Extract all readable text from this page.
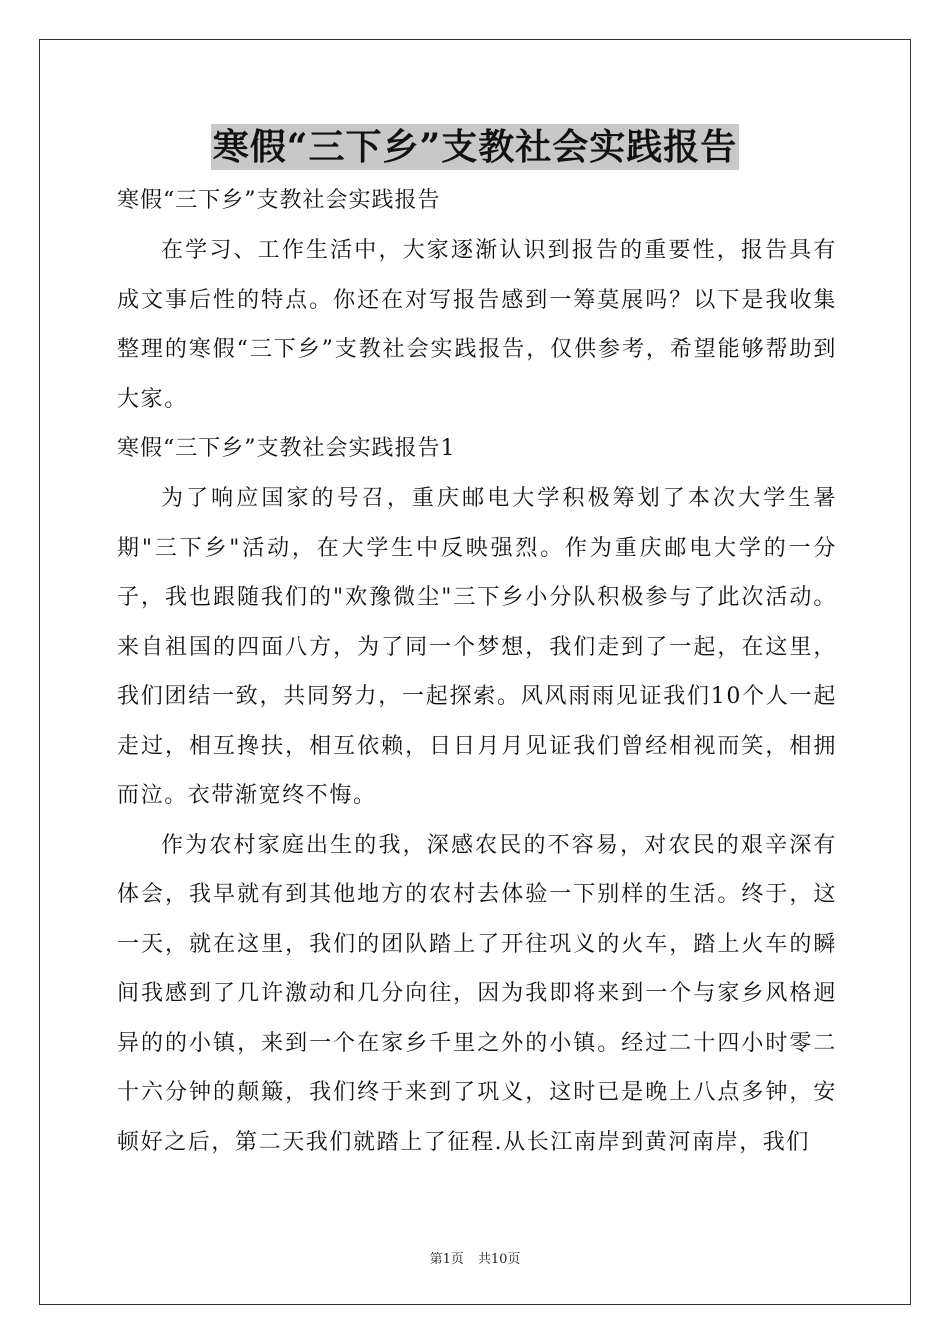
寒假“三下乡”支教社会实践报告

寒假“三下乡”支教社会实践报告

在学习、工作生活中，大家逐渐认识到报告的重要性，报告具有成文事后性的特点。你还在对写报告感到一筹莫展吗？以下是我收集整理的寒假“三下乡”支教社会实践报告，仅供参考，希望能够帮助到大家。

寒假“三下乡”支教社会实践报告1

为了响应国家的号召，重庆邮电大学积极筹划了本次大学生暑期"三下乡"活动，在大学生中反映强烈。作为重庆邮电大学的一分子，我也跟随我们的"欢豫微尘"三下乡小分队积极参与了此次活动。来自祖国的四面八方，为了同一个梦想，我们走到了一起，在这里，我们团结一致，共同努力，一起探索。风风雨雨见证我们10个人一起走过，相互搀扶，相互依赖，日日月月见证我们曾经相视而笑，相拥而泣。衣带渐宽终不悔。

作为农村家庭出生的我，深感农民的不容易，对农民的艰辛深有体会，我早就有到其他地方的农村去体验一下别样的生活。终于，这一天，就在这里，我们的团队踏上了开往巩义的火车，踏上火车的瞬间我感到了几许激动和几分向往，因为我即将来到一个与家乡风格迥异的的小镇，来到一个在家乡千里之外的小镇。经过二十四小时零二十六分钟的颠簸，我们终于来到了巩义，这时已是晚上八点多钟，安顿好之后，第二天我们就踏上了征程.从长江南岸到黄河南岸，我们

第1页 共10页
